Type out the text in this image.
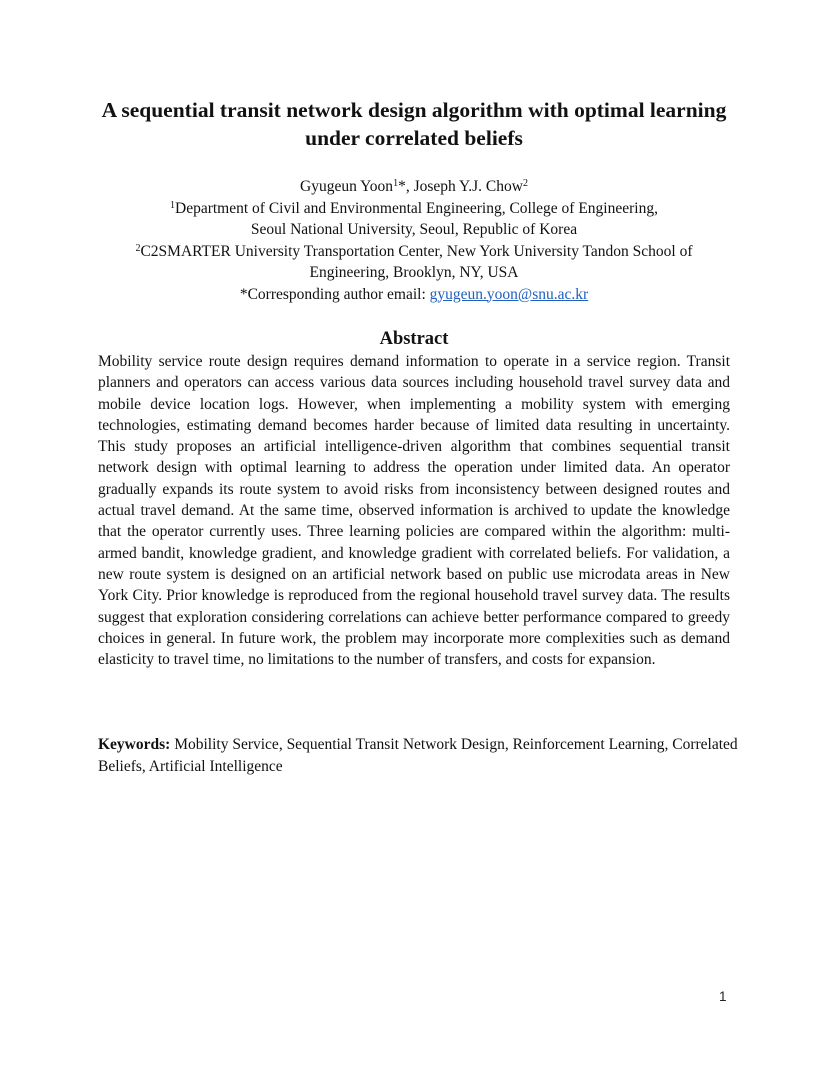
A sequential transit network design algorithm with optimal learning
under correlated beliefs
Gyugeun Yoon$^1$*, Joseph Y.J. Chow$^2$
$^1$Department of Civil and Environmental Engineering, College of Engineering,
Seoul National University, Seoul, Republic of Korea
$^2$C2SMARTER University Transportation Center, New York University Tandon School of
Engineering, Brooklyn, NY, USA
*Corresponding author email: gyugeun.yoon@snu.ac.kr
Abstract

Mobility service route design requires demand information to operate in a service region. Transit planners and operators can access various data sources including household travel survey data and mobile device location logs. However, when implementing a mobility system with emerging technologies, estimating demand becomes harder because of limited data resulting in uncertainty. This study proposes an artificial intelligence-driven algorithm that combines sequential transit network design with optimal learning to address the operation under limited data. An operator gradually expands its route system to avoid risks from inconsistency between designed routes and actual travel demand. At the same time, observed information is archived to update the knowledge that the operator currently uses. Three learning policies are compared within the algorithm: multi-armed bandit, knowledge gradient, and knowledge gradient with correlated beliefs. For validation, a new route system is designed on an artificial network based on public use microdata areas in New York City. Prior knowledge is reproduced from the regional household travel survey data. The results suggest that exploration considering correlations can achieve better performance compared to greedy choices in general. In future work, the problem may incorporate more complexities such as demand elasticity to travel time, no limitations to the number of transfers, and costs for expansion.

Keywords: Mobility Service, Sequential Transit Network Design, Reinforcement Learning, Correlated Beliefs, Artificial Intelligence

1
